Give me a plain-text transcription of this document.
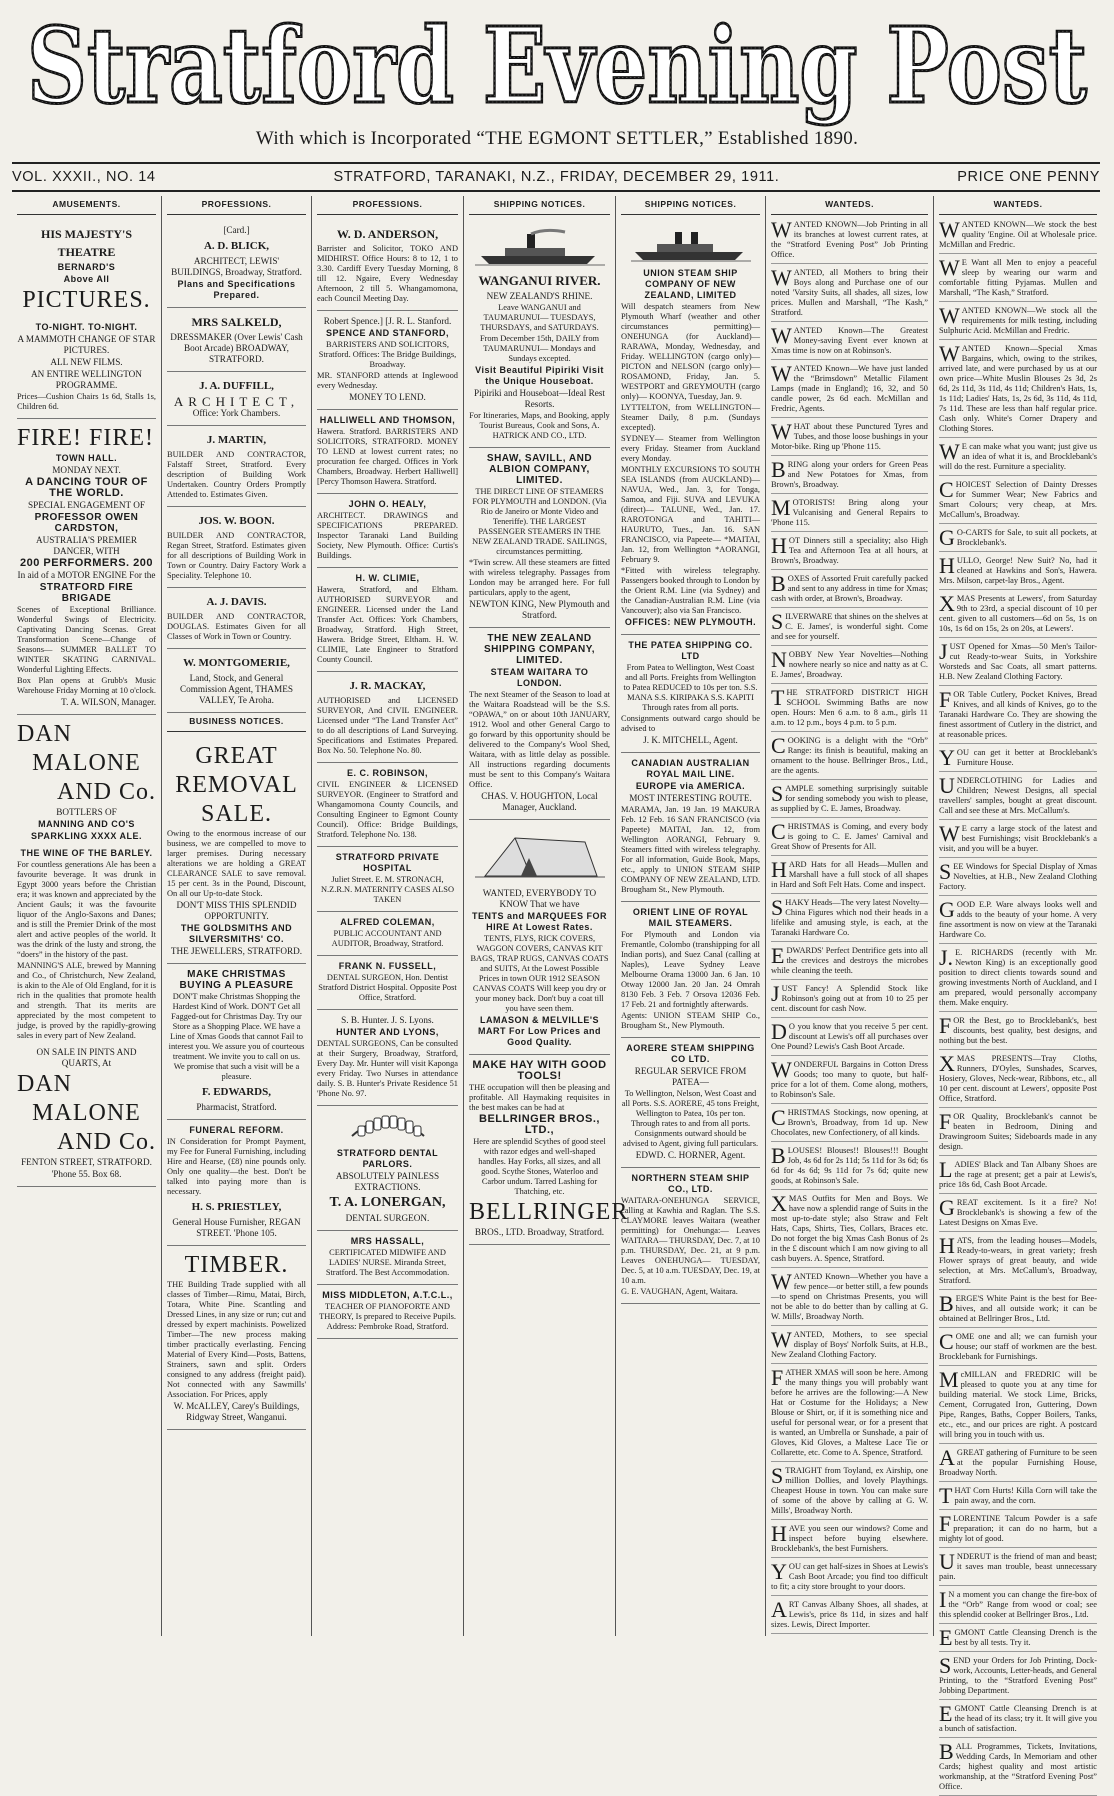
Stratford Evening Post
Stratford Evening Post
With which is Incorporated “THE EGMONT SETTLER,” Established 1890.
VOL. XXXII., NO. 14	STRATFORD, TARANAKI, N.Z., FRIDAY, DECEMBER 29, 1911.	PRICE ONE PENNY
AMUSEMENTS.

HIS MAJESTY'S THEATRE

BERNARD'S

Above All

PICTURES.

TO-NIGHT. TO-NIGHT.

A MAMMOTH CHANGE OF STAR PICTURES.

ALL NEW FILMS.

AN ENTIRE WELLINGTON PROGRAMME.

Prices—Cushion Chairs 1s 6d, Stalls 1s, Children 6d.

FIRE! FIRE!

TOWN HALL.

MONDAY NEXT.

A DANCING TOUR OF THE WORLD.

SPECIAL ENGAGEMENT OF

PROFESSOR OWEN CARDSTON,

AUSTRALIA'S PREMIER DANCER, WITH

200 PERFORMERS. 200

In aid of a MOTOR ENGINE For the

STRATFORD FIRE BRIGADE

Scenes of Exceptional Brilliance. Wonderful Swings of Electricity. Captivating Dancing Scenas. Great Transformation Scene—Change of Seasons— SUMMER BALLET TO WINTER SKATING CARNIVAL. Wonderful Lighting Effects.

Box Plan opens at Grubb's Music Warehouse Friday Morning at 10 o'clock.

T. A. WILSON, Manager.

DAN

MALONE

AND Co.

BOTTLERS OF

MANNING AND CO'S

SPARKLING XXXX ALE.

THE WINE OF THE BARLEY.

For countless generations Ale has been a favourite beverage. It was drunk in Egypt 3000 years before the Christian era; it was known and appreciated by the Ancient Gauls; it was the favourite liquor of the Anglo-Saxons and Danes; and is still the Premier Drink of the most alert and active peoples of the world. It was the drink of the lusty and strong, the “doers” in the history of the past.

MANNING'S ALE, brewed by Manning and Co., of Christchurch, New Zealand, is akin to the Ale of Old England, for it is rich in the qualities that promote health and strength. That its merits are appreciated by the most competent to judge, is proved by the rapidly-growing sales in every part of New Zealand.

ON SALE IN PINTS AND QUARTS, At

DAN

MALONE

AND Co.

FENTON STREET, STRATFORD.

'Phone 55. Box 68.

PROFESSIONS.

[Card.]

A. D. BLICK,

ARCHITECT, LEWIS' BUILDINGS, Broadway, Stratford.

Plans and Specifications Prepared.

MRS SALKELD,

DRESSMAKER (Over Lewis' Cash Boot Arcade) BROADWAY, STRATFORD.

J. A. DUFFILL,

ARCHITECT,

Office: York Chambers.

J. MARTIN,

BUILDER AND CONTRACTOR, Falstaff Street, Stratford. Every description of Building Work Undertaken. Country Orders Promptly Attended to. Estimates Given.

JOS. W. BOON.

BUILDER AND CONTRACTOR, Regan Street, Stratford. Estimates given for all descriptions of Building Work in Town or Country. Dairy Factory Work a Speciality. Telephone 10.

A. J. DAVIS.

BUILDER AND CONTRACTOR, DOUGLAS. Estimates Given for all Classes of Work in Town or Country.

W. MONTGOMERIE,

Land, Stock, and General Commission Agent, THAMES VALLEY, Te Aroha.

BUSINESS NOTICES.

GREAT

REMOVAL

SALE.

Owing to the enormous increase of our business, we are compelled to move to larger premises. During necessary alterations we are holding a GREAT CLEARANCE SALE to save removal. 15 per cent. 3s in the Pound, Discount, On all our Up-to-date Stock.

DON'T MISS THIS SPLENDID OPPORTUNITY.

THE GOLDSMITHS AND SILVERSMITHS' CO.

THE JEWELLERS, STRATFORD.

MAKE CHRISTMAS BUYING A PLEASURE

DON'T make Christmas Shopping the Hardest Kind of Work. DON'T Get all Fagged-out for Christmas Day. Try our Store as a Shopping Place. WE have a Line of Xmas Goods that cannot Fail to interest you. We assure you of courteous treatment. We invite you to call on us. We promise that such a visit will be a pleasure.

F. EDWARDS,

Pharmacist, Stratford.

FUNERAL REFORM.

IN Consideration for Prompt Payment, my Fee for Funeral Furnishing, including Hire and Hearse, (£8) nine pounds only. Only one quality—the best. Don't be talked into paying more than is necessary.

H. S. PRIESTLEY,

General House Furnisher, REGAN STREET. 'Phone 105.

TIMBER.

THE Building Trade supplied with all classes of Timber—Rimu, Matai, Birch, Totara, White Pine. Scantling and Dressed Lines, in any size or run; cut and dressed by expert machinists. Powelized Timber—The new process making timber practically everlasting. Fencing Material of Every Kind—Posts, Battens, Strainers, sawn and split. Orders consigned to any address (freight paid). Not connected with any Sawmills' Association. For Prices, apply

W. McALLEY, Carey's Buildings, Ridgway Street, Wanganui.

PROFESSIONS.

W. D. ANDERSON,

Barrister and Solicitor, TOKO AND MIDHIRST. Office Hours: 8 to 12, 1 to 3.30. Cardiff Every Tuesday Morning, 8 till 12. Ngaire, Every Wednesday Afternoon, 2 till 5. Whangamomona, each Council Meeting Day.

Robert Spence.] [J. R. L. Stanford.

SPENCE AND STANFORD,

BARRISTERS AND SOLICITORS, Stratford. Offices: The Bridge Buildings, Broadway.

MR. STANFORD attends at Inglewood every Wednesday.

MONEY TO LEND.

HALLIWELL AND THOMSON,

Hawera. Stratford. BARRISTERS AND SOLICITORS, STRATFORD. MONEY TO LEND at lowest current rates; no procuration fee charged. Offices in York Chambers, Broadway. Herbert Halliwell] [Percy Thomson Hawera. Stratford.

JOHN O. HEALY,

ARCHITECT. DRAWINGS and SPECIFICATIONS PREPARED. Inspector Taranaki Land Building Society, New Plymouth. Office: Curtis's Buildings.

H. W. CLIMIE,

Hawera, Stratford, and Eltham. AUTHORISED SURVEYOR and ENGINEER. Licensed under the Land Transfer Act. Offices: York Chambers, Broadway, Stratford. High Street, Hawera. Bridge Street, Eltham. H. W. CLIMIE, Late Engineer to Stratford County Council.

J. R. MACKAY,

AUTHORISED and LICENSED SURVEYOR, And CIVIL ENGINEER. Licensed under “The Land Transfer Act” to do all descriptions of Land Surveying. Specifications and Estimates Prepared. Box No. 50. Telephone No. 80.

E. C. ROBINSON,

CIVIL ENGINEER & LICENSED SURVEYOR. (Engineer to Stratford and Whangamomona County Councils, and Consulting Engineer to Egmont County Council). Office: Bridge Buildings, Stratford. Telephone No. 138.

STRATFORD PRIVATE HOSPITAL

Juliet Street. E. M. STRONACH, N.Z.R.N. MATERNITY CASES ALSO TAKEN

ALFRED COLEMAN,

PUBLIC ACCOUNTANT AND AUDITOR, Broadway, Stratford.

FRANK N. FUSSELL,

DENTAL SURGEON, Hon. Dentist Stratford District Hospital. Opposite Post Office, Stratford.

S. B. Hunter. J. S. Lyons.

HUNTER AND LYONS,

DENTAL SURGEONS, Can be consulted at their Surgery, Broadway, Stratford, Every Day. Mr. Hunter will visit Kaponga every Friday. Two Nurses in attendance daily. S. B. Hunter's Private Residence 51 'Phone No. 97.

STRATFORD DENTAL PARLORS.

ABSOLUTELY PAINLESS EXTRACTIONS.

T. A. LONERGAN,

DENTAL SURGEON.

MRS HASSALL,

CERTIFICATED MIDWIFE AND LADIES' NURSE. Miranda Street, Stratford. The Best Accommodation.

MISS MIDDLETON, A.T.C.L.,

TEACHER OF PIANOFORTE AND THEORY, Is prepared to Receive Pupils. Address: Pembroke Road, Stratford.

SHIPPING NOTICES.

WANGANUI RIVER.

NEW ZEALAND'S RHINE.

Leave WANGANUI and TAUMARUNUI— TUESDAYS, THURSDAYS, and SATURDAYS.

From December 15th, DAILY from TAUMARUNUI— Mondays and Sundays excepted.

Visit Beautiful Pipiriki Visit the Unique Houseboat.

Pipiriki and Houseboat—Ideal Rest Resorts.

For Itineraries, Maps, and Booking, apply Tourist Bureaus, Cook and Sons, A. HATRICK AND CO., LTD.

SHAW, SAVILL, AND ALBION COMPANY, LIMITED.

THE DIRECT LINE OF STEAMERS FOR PLYMOUTH and LONDON. (Via Rio de Janeiro or Monte Video and Teneriffe). THE LARGEST PASSENGER STEAMERS IN THE NEW ZEALAND TRADE. SAILINGS, circumstances permitting.

*Twin screw. All these steamers are fitted with wireless telegraphy. Passages from London may be arranged here. For full particulars, apply to the agent,

NEWTON KING, New Plymouth and Stratford.

THE NEW ZEALAND SHIPPING COMPANY, LIMITED.

STEAM WAITARA TO LONDON.

The next Steamer of the Season to load at the Waitara Roadstead will be the S.S. “OPAWA,” on or about 10th JANUARY, 1912. Wool and other General Cargo to go forward by this opportunity should be delivered to the Company's Wool Shed, Waitara, with as little delay as possible. All instructions regarding documents must be sent to this Company's Waitara Office.

CHAS. V. HOUGHTON, Local Manager, Auckland.

WANTED, EVERYBODY TO KNOW That we have

TENTS and MARQUEES FOR HIRE At Lowest Rates.

TENTS, FLYS, RICK COVERS, WAGGON COVERS, CANVAS KIT BAGS, TRAP RUGS, CANVAS COATS and SUITS, At the Lowest Possible Prices in town OUR 1912 SEASON CANVAS COATS Will keep you dry or your money back. Don't buy a coat till you have seen them.

LAMASON & MELVILLE'S MART For Low Prices and Good Quality.

MAKE HAY WITH GOOD TOOLS!

THE occupation will then be pleasing and profitable. All Haymaking requisites in the best makes can be had at

BELLRINGER BROS., LTD.,

Here are splendid Scythes of good steel with razor edges and well-shaped handles. Hay Forks, all sizes, and all good. Scythe Stones, Waterloo and Carbor undum. Tarred Lashing for Thatching, etc.

BELLRINGER

BROS., LTD. Broadway, Stratford.

SHIPPING NOTICES.

UNION STEAM SHIP COMPANY OF NEW ZEALAND, LIMITED

Will despatch steamers from New Plymouth Wharf (weather and other circumstances permitting)— ONEHUNGA (for Auckland)— RARAWA, Monday, Wednesday, and Friday. WELLINGTON (cargo only)— PICTON and NELSON (cargo only)— ROSAMOND, Friday, Jan. 5. WESTPORT and GREYMOUTH (cargo only)— KOONYA, Tuesday, Jan. 9.

LYTTELTON, from WELLINGTON— Steamer Daily, 8 p.m. (Sundays excepted).

SYDNEY— Steamer from Wellington every Friday. Steamer from Auckland every Monday.

MONTHLY EXCURSIONS TO SOUTH SEA ISLANDS (from AUCKLAND)— NAVUA, Wed., Jan. 3, for Tonga, Samoa, and Fiji. SUVA and LEVUKA (direct)— TALUNE, Wed., Jan. 17. RAROTONGA and TAHITI— HAURUTO, Tues., Jan. 16. SAN FRANCISCO, via Papeete— *MAITAI, Jan. 12, from Wellington *AORANGI, February 9.

*Fitted with wireless telegraphy. Passengers booked through to London by the Orient R.M. Line (via Sydney) and the Canadian-Australian R.M. Line (via Vancouver); also via San Francisco.

OFFICES: NEW PLYMOUTH.

THE PATEA SHIPPING CO. LTD

From Patea to Wellington, West Coast and all Ports. Freights from Wellington to Patea REDUCED to 10s per ton. S.S. MANA S.S. KIRIPAKA S.S. KAPITI Through rates from all ports.

Consignments outward cargo should be advised to

J. K. MITCHELL, Agent.

CANADIAN AUSTRALIAN ROYAL MAIL LINE.

EUROPE via AMERICA.

MOST INTERESTING ROUTE.

MARAMA, Jan. 19 Jan. 19 MAKURA Feb. 12 Feb. 16 SAN FRANCISCO (via Papeete) MAITAI, Jan. 12, from Wellington AORANGI, February 9. Steamers fitted with wireless telegraphy. For all information, Guide Book, Maps, etc., apply to UNION STEAM SHIP COMPANY OF NEW ZEALAND, LTD. Brougham St., New Plymouth.

ORIENT LINE OF ROYAL MAIL STEAMERS.

For Plymouth and London via Fremantle, Colombo (transhipping for all Indian ports), and Suez Canal (calling at Naples), Leave Sydney Leave Melbourne Orama 13000 Jan. 6 Jan. 10 Otway 12000 Jan. 20 Jan. 24 Omrah 8130 Feb. 3 Feb. 7 Orsova 12036 Feb. 17 Feb. 21 and fortnightly afterwards.

Agents: UNION STEAM SHIP Co., Brougham St., New Plymouth.

AORERE STEAM SHIPPING CO LTD.

REGULAR SERVICE FROM PATEA—

To Wellington, Nelson, West Coast and all Ports. S.S. AORERE, 45 tons Freight, Wellington to Patea, 10s per ton. Through rates to and from all ports. Consignments outward should be advised to Agent, giving full particulars.

EDWD. C. HORNER, Agent.

NORTHERN STEAM SHIP CO., LTD.

WAITARA-ONEHUNGA SERVICE, calling at Kawhia and Raglan. The S.S. CLAYMORE leaves Waitara (weather permitting) for Onehunga:— Leaves WAITARA— THURSDAY, Dec. 7, at 10 p.m. THURSDAY, Dec. 21, at 9 p.m. Leaves ONEHUNGA— TUESDAY, Dec. 5, at 10 a.m. TUESDAY, Dec. 19, at 10 a.m.

G. E. VAUGHAN, Agent, Waitara.

WANTEDS.

WANTED KNOWN—Job Printing in all its branches at lowest current rates, at the “Stratford Evening Post” Job Printing Office.

WANTED, all Mothers to bring their Boys along and Purchase one of our noted 'Varsity Suits, all shades, all sizes, low prices. Mullen and Marshall, “The Kash,” Stratford.

WANTED Known—The Greatest Money-saving Event ever known at Xmas time is now on at Robinson's.

WANTED Known—We have just landed the “Brimsdown” Metallic Filament Lamps (made in England); 16, 32, and 50 candle power, 2s 6d each. McMillan and Fredric, Agents.

WHAT about these Punctured Tyres and Tubes, and those loose bushings in your Motor-bike. Ring up 'Phone 115.

BRING along your orders for Green Peas and New Potatoes for Xmas, from Brown's, Broadway.

MOTORISTS! Bring along your Vulcanising and General Repairs to 'Phone 115.

HOT Dinners still a speciality; also High Tea and Afternoon Tea at all hours, at Brown's, Broadway.

BOXES of Assorted Fruit carefully packed and sent to any address in time for Xmas; cash with order, at Brown's, Broadway.

SILVERWARE that shines on the shelves at C. E. James', is wonderful sight. Come and see for yourself.

NOBBY New Year Novelties—Nothing nowhere nearly so nice and natty as at C. E. James', Broadway.

THE STRATFORD DISTRICT HIGH SCHOOL Swimming Baths are now open. Hours: Men 6 a.m. to 8 a.m., girls 11 a.m. to 12 p.m., boys 4 p.m. to 5 p.m.

COOKING is a delight with the “Orb” Range: its finish is beautiful, making an ornament to the house. Bellringer Bros., Ltd., are the agents.

SAMPLE something surprisingly suitable for sending somebody you wish to please, as supplied by C. E. James, Broadway.

CHRISTMAS is Coming, and every body is going to C. E. James' Carnival and Great Show of Presents for All.

HARD Hats for all Heads—Mullen and Marshall have a full stock of all shapes in Hard and Soft Felt Hats. Come and inspect.

SHAKY Heads—The very latest Novelty—China Figures which nod their heads in a lifelike and amusing style, is each, at the Taranaki Hardware Co.

EDWARDS' Perfect Dentrifice gets into all the crevices and destroys the microbes while cleaning the teeth.

JUST Fancy! A Splendid Stock like Robinson's going out at from 10 to 25 per cent. discount for cash Now.

DO you know that you receive 5 per cent. discount at Lewis's off all purchases over One Pound? Lewis's Cash Boot Arcade.

WONDERFUL Bargains in Cotton Dress Goods; too many to quote, but half-price for a lot of them. Come along, mothers, to Robinson's Sale.

CHRISTMAS Stockings, now opening, at Brown's, Broadway, from 1d up. New Chocolates, new Confectionery, of all kinds.

BLOUSES! Blouses!! Blouses!!! Bought Job, 4s 6d for 2s 11d; 5s 11d for 3s 6d; 6s 6d for 4s 6d; 9s 11d for 7s 6d; quite new goods, at Robinson's Sale.

XMAS Outfits for Men and Boys. We have now a splendid range of Suits in the most up-to-date style; also Straw and Felt Hats, Caps, Shirts, Ties, Collars, Braces etc. Do not forget the big Xmas Cash Bonus of 2s in the £ discount which I am now giving to all cash buyers. A. Spence, Stratford.

WANTED Known—Whether you have a few pence—or better still, a few pounds—to spend on Christmas Presents, you will not be able to do better than by calling at G. W. Mills', Broadway North.

WANTED, Mothers, to see special display of Boys' Norfolk Suits, at H.B., New Zealand Clothing Factory.

FATHER XMAS will soon be here. Among the many things you will probably want before he arrives are the following:—A New Hat or Costume for the Holidays; a New Blouse or Shirt, or, if it is something nice and useful for personal wear, or for a present that is wanted, an Umbrella or Sunshade, a pair of Gloves, Kid Gloves, a Maltese Lace Tie or Collarette, etc. Come to A. Spence, Stratford.

STRAIGHT from Toyland, ex Airship, one million Dollies, and lovely Playthings. Cheapest House in town. You can make sure of some of the above by calling at G. W. Mills', Broadway North.

HAVE you seen our windows? Come and inspect before buying elsewhere. Brocklebank's, the best Furnishers.

YOU can get half-sizes in Shoes at Lewis's Cash Boot Arcade; you find too difficult to fit; a city store brought to your doors.

ART Canvas Albany Shoes, all shades, at Lewis's, price 8s 11d, in sizes and half sizes. Lewis, Direct Importer.

WANTEDS.

WANTED KNOWN—We stock the best quality 'Engine. Oil at Wholesale price. McMillan and Fredric.

WE Want all Men to enjoy a peaceful sleep by wearing our warm and comfortable fitting Pyjamas. Mullen and Marshall, “The Kash,” Stratford.

WANTED KNOWN—We stock all the requirements for milk testing, including Sulphuric Acid. McMillan and Fredric.

WANTED Known—Special Xmas Bargains, which, owing to the strikes, arrived late, and were purchased by us at our own price—White Muslin Blouses 2s 3d, 2s 6d, 2s 11d, 3s 11d, 4s 11d; Children's Hats, 1s, 1s 11d; Ladies' Hats, 1s, 2s 6d, 3s 11d, 4s 11d, 7s 11d. These are less than half regular price. Cash only. White's Corner Drapery and Clothing Stores.

WE can make what you want; just give us an idea of what it is, and Brocklebank's will do the rest. Furniture a speciality.

CHOICEST Selection of Dainty Dresses for Summer Wear; New Fabrics and Smart Colours; very cheap, at Mrs. McCallum's, Broadway.

GO-CARTS for Sale, to suit all pockets, at Brocklebank's.

HULLO, George! New Suit? No, had it cleaned at Hawkins and Son's, Hawera. Mrs. Milson, carpet-lay Bros., Agent.

XMAS Presents at Lewers', from Saturday 9th to 23rd, a special discount of 10 per cent. given to all customers—6d on 5s, 1s on 10s, 1s 6d on 15s, 2s on 20s, at Lewers'.

JUST Opened for Xmas—50 Men's Tailor-cut Ready-to-wear Suits, in Yorkshire Worsteds and Sac Coats, all smart patterns. H.B. New Zealand Clothing Factory.

FOR Table Cutlery, Pocket Knives, Bread Knives, and all kinds of Knives, go to the Taranaki Hardware Co. They are showing the finest assortment of Cutlery in the district, and at reasonable prices.

YOU can get it better at Brocklebank's Furniture House.

UNDERCLOTHING for Ladies and Children; Newest Designs, all special travellers' samples, bought at great discount. Call and see these at Mrs. McCallum's.

WE carry a large stock of the latest and best Furnishings; visit Brocklebank's a visit, and you will be a buyer.

SEE Windows for Special Display of Xmas Novelties, at H.B., New Zealand Clothing Factory.

GOOD E.P. Ware always looks well and adds to the beauty of your home. A very fine assortment is now on view at the Taranaki Hardware Co.

J.E. RICHARDS (recently with Mr. Newton King) is an exceptionally good position to direct clients towards sound and growing investments North of Auckland, and I am prepared, would personally accompany them. Make enquiry.

FOR the Best, go to Brocklebank's, best discounts, best quality, best designs, and nothing but the best.

XMAS PRESENTS—Tray Cloths, Runners, D'Oyles, Sunshades, Scarves, Hosiery, Gloves, Neck-wear, Ribbons, etc., all 10 per cent. discount at Lewers', opposite Post Office, Stratford.

FOR Quality, Brocklebank's cannot be beaten in Bedroom, Dining and Drawingroom Suites; Sideboards made in any design.

LADIES' Black and Tan Albany Shoes are the rage at present; get a pair at Lewis's, price 18s 6d, Cash Boot Arcade.

GREAT excitement. Is it a fire? No! Brocklebank's is showing a few of the Latest Designs on Xmas Eve.

HATS, from the leading houses—Models, Ready-to-wears, in great variety; fresh Flower sprays of great beauty, and wide selection, at Mrs. McCallum's, Broadway, Stratford.

BERGE'S White Paint is the best for Bee-hives, and all outside work; it can be obtained at Bellringer Bros., Ltd.

COME one and all; we can furnish your house; our staff of workmen are the best. Brocklebank for Furnishings.

McMILLAN and FREDRIC will be pleased to quote you at any time for building material. We stock Lime, Bricks, Cement, Corrugated Iron, Guttering, Down Pipe, Ranges, Baths, Copper Boilers, Tanks, etc., etc., and our prices are right. A postcard will bring you in touch with us.

AGREAT gathering of Furniture to be seen at the popular Furnishing House, Broadway North.

THAT Corn Hurts! Killa Corn will take the pain away, and the corn.

FLORENTINE Talcum Powder is a safe preparation; it can do no harm, but a mighty lot of good.

UNDERUT is the friend of man and beast; it saves man trouble, beast unnecessary pain.

IN a moment you can change the fire-box of the “Orb” Range from wood or coal; see this splendid cooker at Bellringer Bros., Ltd.

EGMONT Cattle Cleansing Drench is the best by all tests. Try it.

SEND your Orders for Job Printing, Dock-work, Accounts, Letter-heads, and General Printing, to the “Stratford Evening Post” Jobbing Department.

EGMONT Cattle Cleansing Drench is at the head of its class; try it. It will give you a bunch of satisfaction.

BALL Programmes, Tickets, Invitations, Wedding Cards, In Memoriam and other Cards; highest quality and most artistic workmanship, at the “Stratford Evening Post” Office.
